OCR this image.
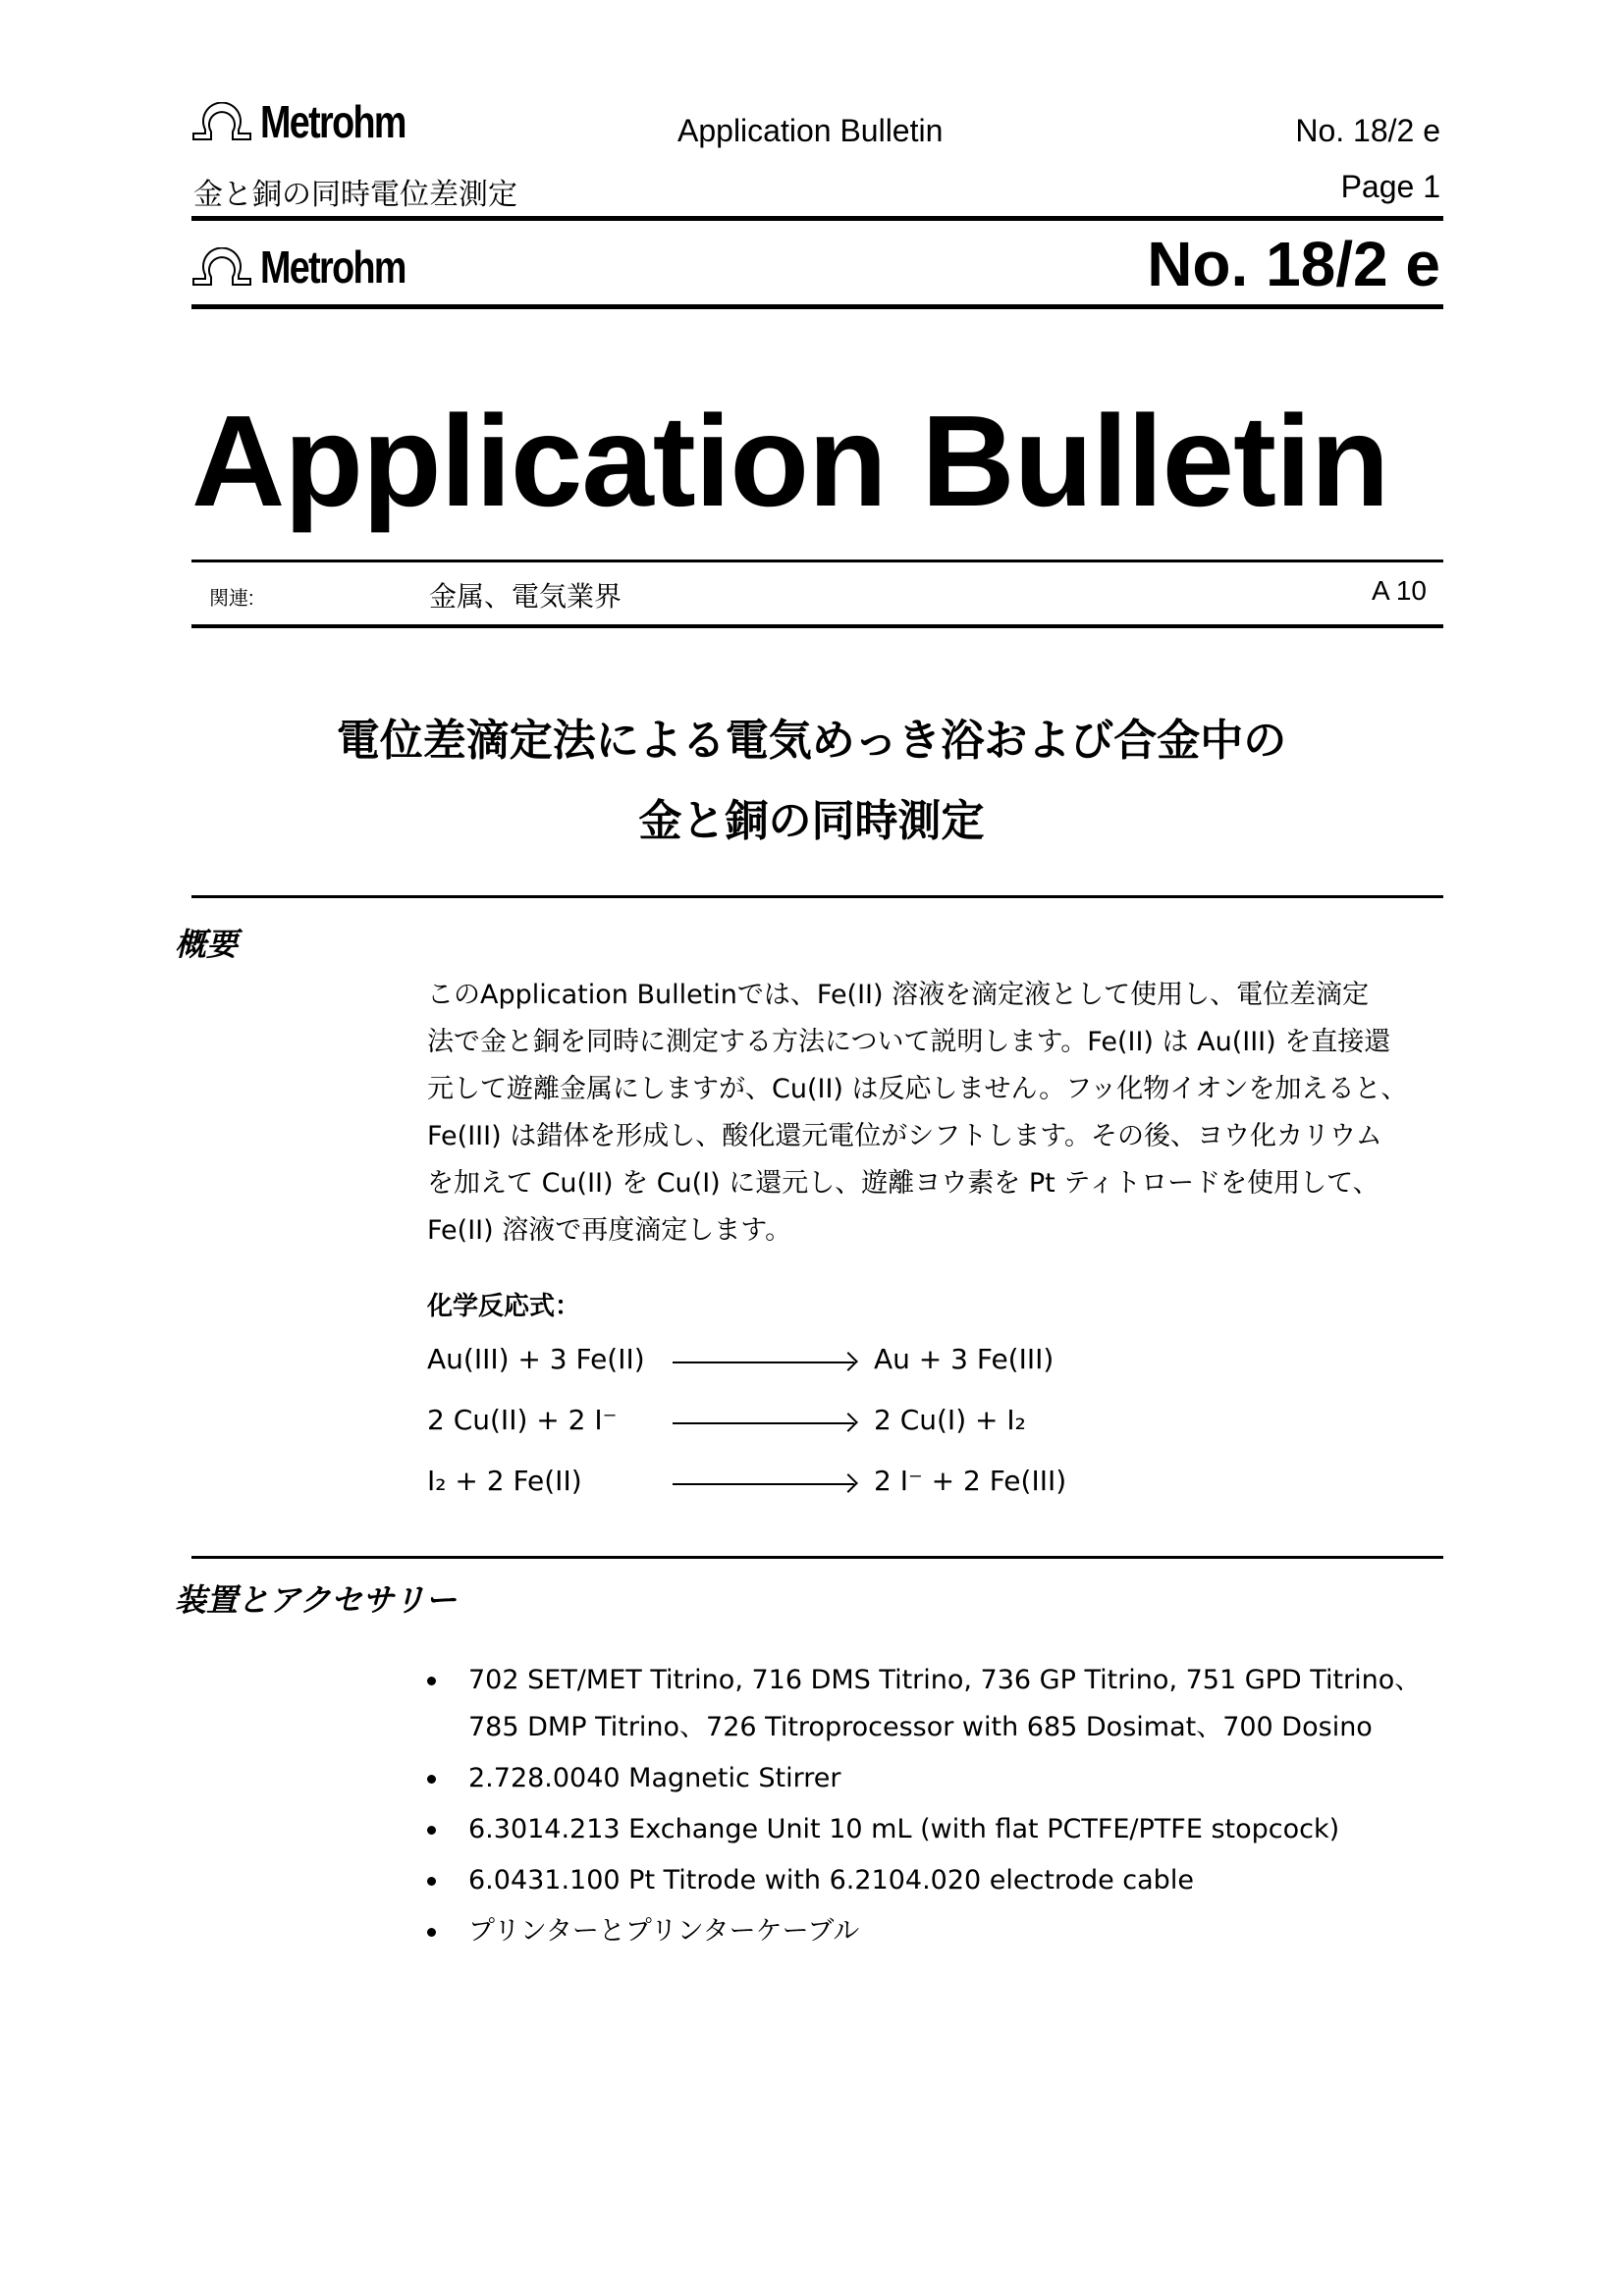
Metrohm	Application Bulletin	No. 18/2 e
金と銅の同時電位差測定	Page 1
Metrohm	No. 18/2 e
Application Bulletin
関連:	金属、電気業界	A 10
電位差滴定法による電気めっき浴および合金中の
金と銅の同時測定
概要
このApplication Bulletinでは、Fe(II) 溶液を滴定液として使用し、電位差滴定
法で金と銅を同時に測定する方法について説明します。Fe(II) は Au(III) を直接還
元して遊離金属にしますが、Cu(II) は反応しません。フッ化物イオンを加えると、
Fe(III) は錯体を形成し、酸化還元電位がシフトします。その後、ヨウ化カリウム
を加えて Cu(II) を Cu(I) に還元し、遊離ヨウ素を Pt ティトロードを使用して、
Fe(II) 溶液で再度滴定します。
化学反応式：
Au(III) + 3 Fe(II)	Au + 3 Fe(III)
2 Cu(II) + 2 I⁻	2 Cu(I) + I₂
I₂ + 2 Fe(II)	2 I⁻ + 2 Fe(III)
装置とアクセサリー
702 SET/MET Titrino, 716 DMS Titrino, 736 GP Titrino, 751 GPD Titrino、 785 DMP Titrino、726 Titroprocessor with 685 Dosimat、700 Dosino
2.728.0040 Magnetic Stirrer
6.3014.213 Exchange Unit 10 mL (with flat PCTFE/PTFE stopcock)
6.0431.100 Pt Titrode with 6.2104.020 electrode cable
プリンターとプリンターケーブル
